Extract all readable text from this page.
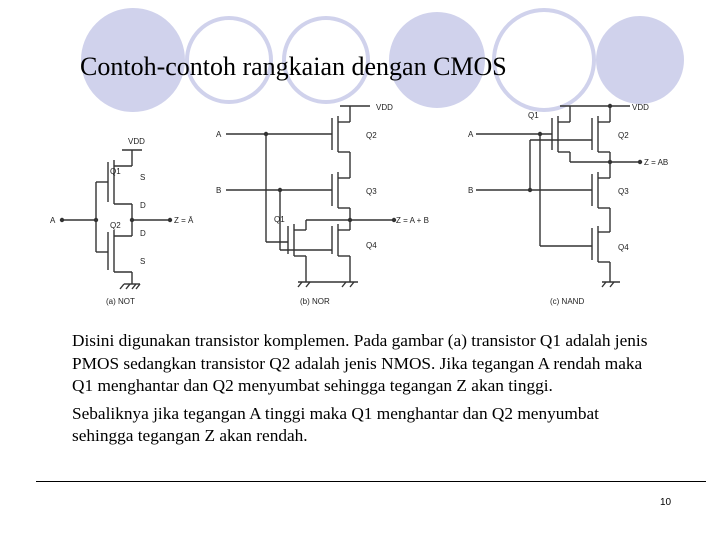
Contoh-contoh rangkaian dengan CMOS
VDD
Q1
S
D
Q2
D
S
A	Z = Ā
(a) NOT
VDD
A
B
Q2
Q3
Q1
Q4
Z = A + B
(b) NOR
VDD
Q1
Q2
A
B
Z = AB
Q3
Q4
(c) NAND

Disini digunakan transistor komplemen. Pada gambar (a) transistor Q1 adalah jenis PMOS sedangkan transistor Q2 adalah jenis NMOS. Jika tegangan A rendah maka Q1 menghantar dan Q2 menyumbat sehingga tegangan Z akan tinggi.

Sebaliknya jika tegangan A tinggi maka Q1 menghantar dan Q2 menyumbat sehingga tegangan Z akan rendah.

10
